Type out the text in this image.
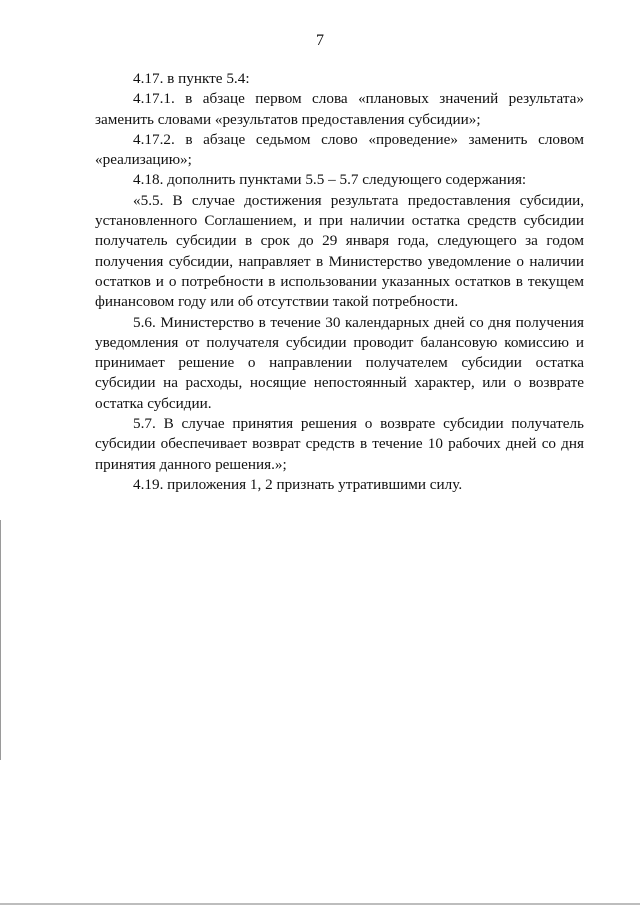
7

4.17. в пункте 5.4:

4.17.1. в абзаце первом слова «плановых значений результата» заменить словами «результатов предоставления субсидии»;

4.17.2. в абзаце седьмом слово «проведение» заменить словом «реализацию»;

4.18. дополнить пунктами 5.5 – 5.7 следующего содержания:

«5.5. В случае достижения результата предоставления субсидии, установленного Соглашением, и при наличии остатка средств субсидии получатель субсидии в срок до 29 января года, следующего за годом получения субсидии, направляет в Министерство уведомление о наличии остатков и о потребности в использовании указанных остатков в текущем финансовом году или об отсутствии такой потребности.

5.6. Министерство в течение 30 календарных дней со дня получения уведомления от получателя субсидии проводит балансовую комиссию и принимает решение о направлении получателем субсидии остатка субсидии на расходы, носящие непостоянный характер, или о возврате остатка субсидии.

5.7. В случае принятия решения о возврате субсидии получатель субсидии обеспечивает возврат средств в течение 10 рабочих дней со дня принятия данного решения.»;

4.19. приложения 1, 2 признать утратившими силу.
